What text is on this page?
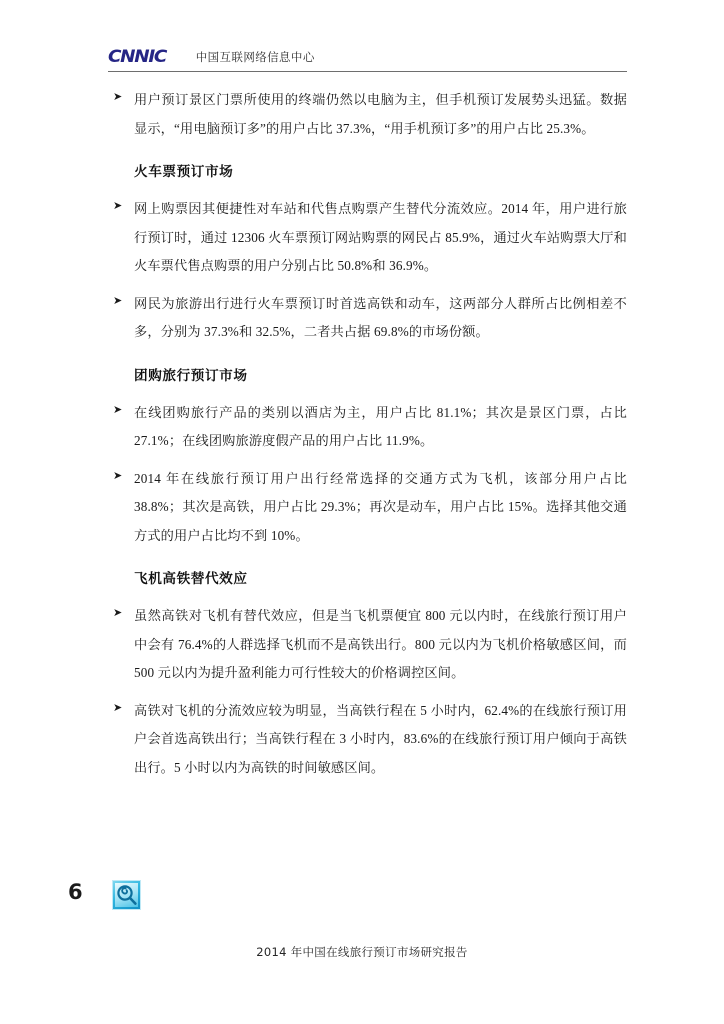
CNNIC	中国互联网络信息中心
➤ 用户预订景区门票所使用的终端仍然以电脑为主，但手机预订发展势头迅猛。数据显示，“用电脑预订多”的用户占比 37.3%，“用手机预订多”的用户占比 25.3%。
火车票预订市场
➤ 网上购票因其便捷性对车站和代售点购票产生替代分流效应。2014 年，用户进行旅行预订时，通过 12306 火车票预订网站购票的网民占 85.9%，通过火车站购票大厅和火车票代售点购票的用户分别占比 50.8%和 36.9%。
➤ 网民为旅游出行进行火车票预订时首选高铁和动车，这两部分人群所占比例相差不多，分别为 37.3%和 32.5%，二者共占据 69.8%的市场份额。
团购旅行预订市场
➤ 在线团购旅行产品的类别以酒店为主，用户占比 81.1%；其次是景区门票，占比 27.1%；在线团购旅游度假产品的用户占比 11.9%。
➤ 2014 年在线旅行预订用户出行经常选择的交通方式为飞机，该部分用户占比 38.8%；其次是高铁，用户占比 29.3%；再次是动车，用户占比 15%。选择其他交通方式的用户占比均不到 10%。
飞机高铁替代效应
➤ 虽然高铁对飞机有替代效应，但是当飞机票便宜 800 元以内时，在线旅行预订用户中会有 76.4%的人群选择飞机而不是高铁出行。800 元以内为飞机价格敏感区间，而 500 元以内为提升盈利能力可行性较大的价格调控区间。
➤ 高铁对飞机的分流效应较为明显，当高铁行程在 5 小时内，62.4%的在线旅行预订用户会首选高铁出行；当高铁行程在 3 小时内，83.6%的在线旅行预订用户倾向于高铁出行。5 小时以内为高铁的时间敏感区间。
6
2014 年中国在线旅行预订市场研究报告
